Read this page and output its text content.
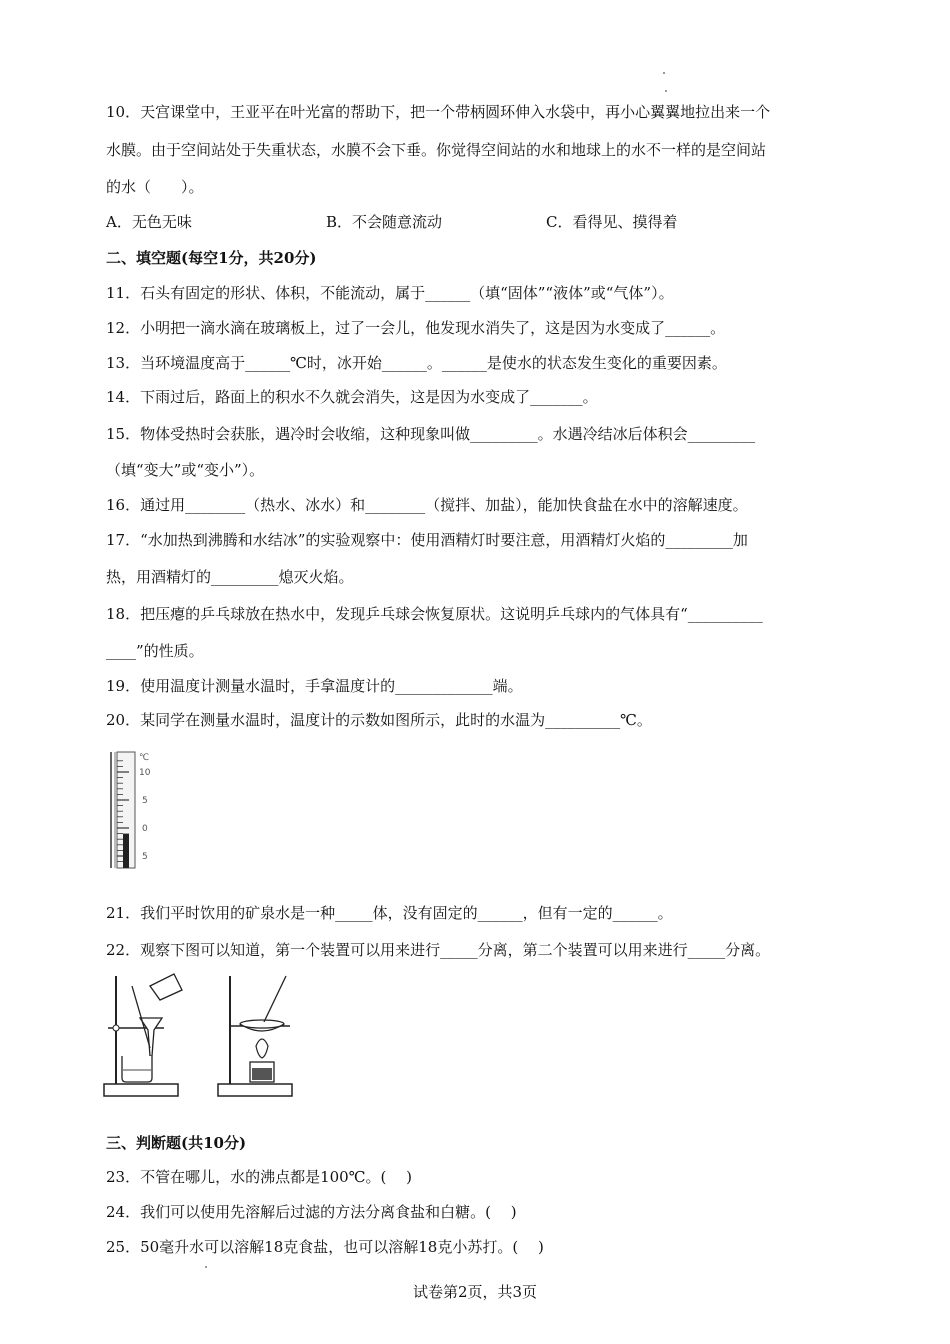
10．天宫课堂中，王亚平在叶光富的帮助下，把一个带柄圆环伸入水袋中，再小心翼翼地拉出来一个
水膜。由于空间站处于失重状态，水膜不会下垂。你觉得空间站的水和地球上的水不一样的是空间站
的水（　　）。
A．无色无味	B．不会随意流动	C．看得见、摸得着
二、填空题(每空1分，共20分)
11．石头有固定的形状、体积，不能流动，属于______（填“固体”“液体”或“气体”）。
12．小明把一滴水滴在玻璃板上，过了一会儿，他发现水消失了，这是因为水变成了______。
13．当环境温度高于______℃时，冰开始______。______是使水的状态发生变化的重要因素。
14．下雨过后，路面上的积水不久就会消失，这是因为水变成了_______。
15．物体受热时会获胀，遇冷时会收缩，这种现象叫做_________。水遇冷结冰后体积会_________
（填“变大”或“变小”）。
16．通过用________（热水、冰水）和________（搅拌、加盐），能加快食盐在水中的溶解速度。
17．“水加热到沸腾和水结冰”的实验观察中：使用酒精灯时要注意，用酒精灯火焰的_________加
热，用酒精灯的_________熄灭火焰。
18．把压瘪的乒乓球放在热水中，发现乒乓球会恢复原状。这说明乒乓球内的气体具有“__________
____”的性质。
19．使用温度计测量水温时，手拿温度计的_____________端。
20．某同学在测量水温时，温度计的示数如图所示，此时的水温为__________℃。
℃
10
5
0
5
21．我们平时饮用的矿泉水是一种_____体，没有固定的______，但有一定的______。
22．观察下图可以知道，第一个装置可以用来进行_____分离，第二个装置可以用来进行_____分离。
三、判断题(共10分)
23．不管在哪儿，水的沸点都是100℃。(　 )
24．我们可以使用先溶解后过滤的方法分离食盐和白糖。(　 )
25．50毫升水可以溶解18克食盐，也可以溶解18克小苏打。(　 )
试卷第2页，共3页
